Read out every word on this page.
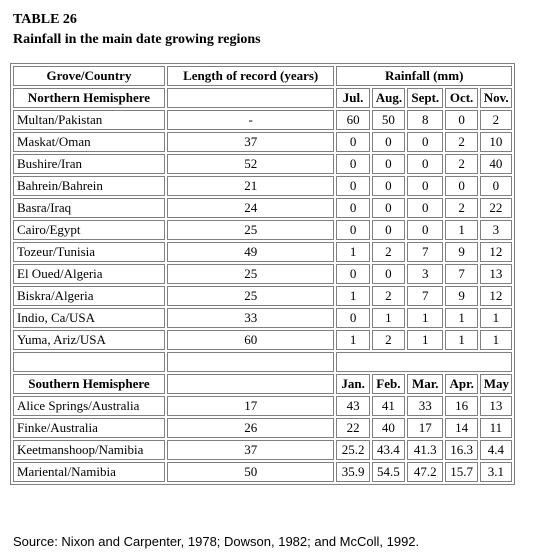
TABLE 26
Rainfall in the main date growing regions
Grove/Country	Length of record (years)	Rainfall (mm)				
Northern Hemisphere		Jul.	Aug.	Sept.	Oct.	Nov.
Multan/Pakistan	-	60	50	8	0	2
Maskat/Oman	37	0	0	0	2	10
Bushire/Iran	52	0	0	0	2	40
Bahrein/Bahrein	21	0	0	0	0	0
Basra/Iraq	24	0	0	0	2	22
Cairo/Egypt	25	0	0	0	1	3
Tozeur/Tunisia	49	1	2	7	9	12
El Oued/Algeria	25	0	0	3	7	13
Biskra/Algeria	25	1	2	7	9	12
Indio, Ca/USA	33	0	1	1	1	1
Yuma, Ariz/USA	60	1	2	1	1	1

Southern Hemisphere		Jan.	Feb.	Mar.	Apr.	May
Alice Springs/Australia	17	43	41	33	16	13
Finke/Australia	26	22	40	17	14	11
Keetmanshoop/Namibia	37	25.2	43.4	41.3	16.3	4.4
Mariental/Namibia	50	35.9	54.5	47.2	15.7	3.1
Source: Nixon and Carpenter, 1978; Dowson, 1982; and McColl, 1992.
